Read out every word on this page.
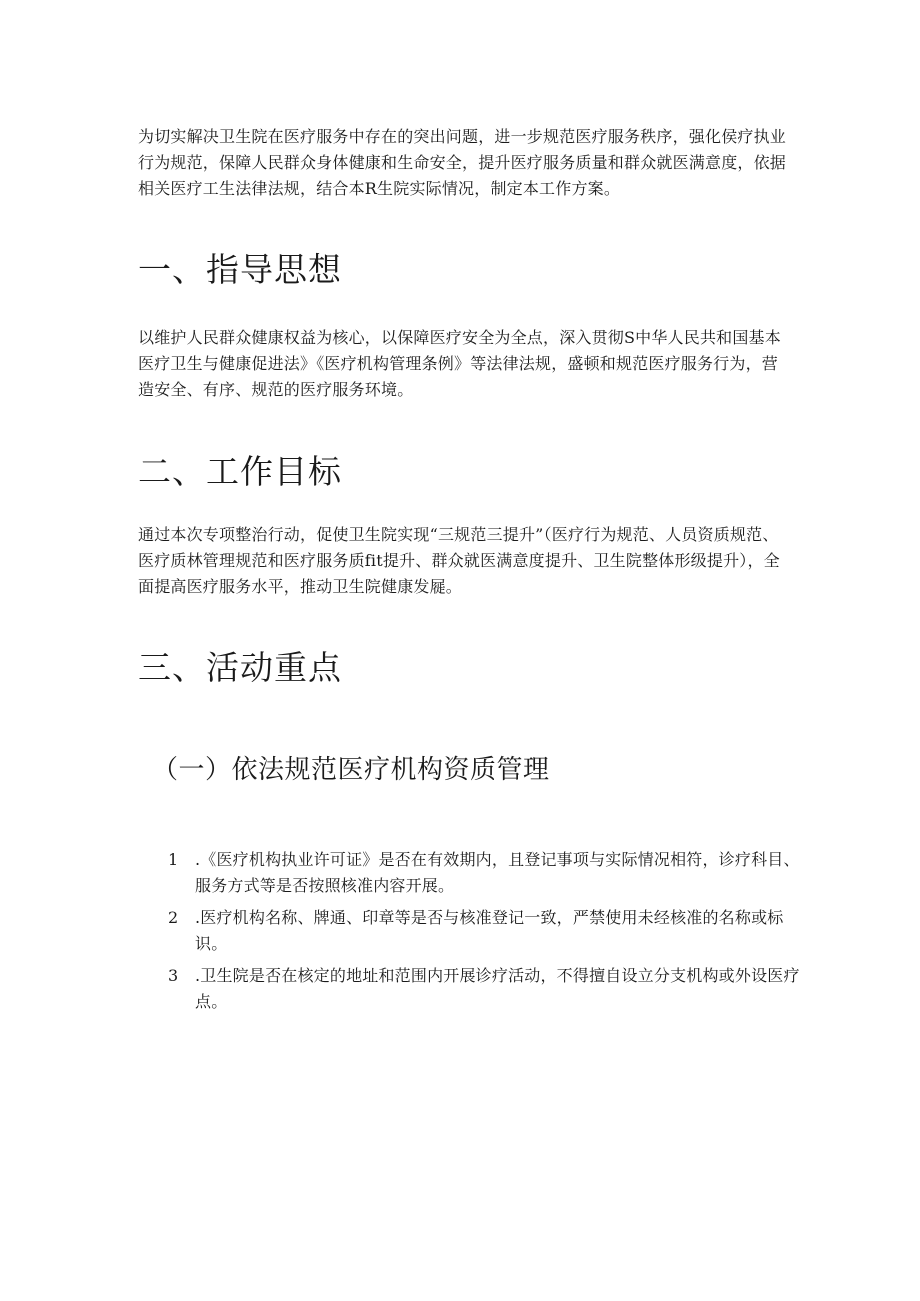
为切实解决卫生院在医疗服务中存在的突出问题，进一步规范医疗服务秩序，强化侯疗执业行为规范，保障人民群众身体健康和生命安全，提升医疗服务质量和群众就医满意度，依据相关医疗工生法律法规，结合本R生院实际情况，制定本工作方案。

一、指导思想

以维护人民群众健康权益为核心，以保障医疗安全为全点，深入贯彻S中华人民共和国基本医疗卫生与健康促进法》《医疗机构管理条例》等法律法规，盛顿和规范医疗服务行为，营造安全、有序、规范的医疗服务环境。

二、工作目标

通过本次专项整治行动，促使卫生院实现“三规范三提升”（医疗行为规范、人员资质规范、医疗质林管理规范和医疗服务质fit提升、群众就医满意度提升、卫生院整体形级提升），全面提高医疗服务水平，推动卫生院健康发屣。

三、活动重点
（一）依法规范医疗机构资质管理
1 .《医疗机构执业许可证》是否在有效期内，且登记事项与实际情况相符，诊疗科目、服务方式等是否按照核准内容开展。
2 .医疗机构名称、牌通、印章等是否与核准登记一致，严禁使用未经核准的名称或标识。
3 .卫生院是否在核定的地址和范围内开展诊疗活动，不得擅自设立分支机构或外设医疗点。
